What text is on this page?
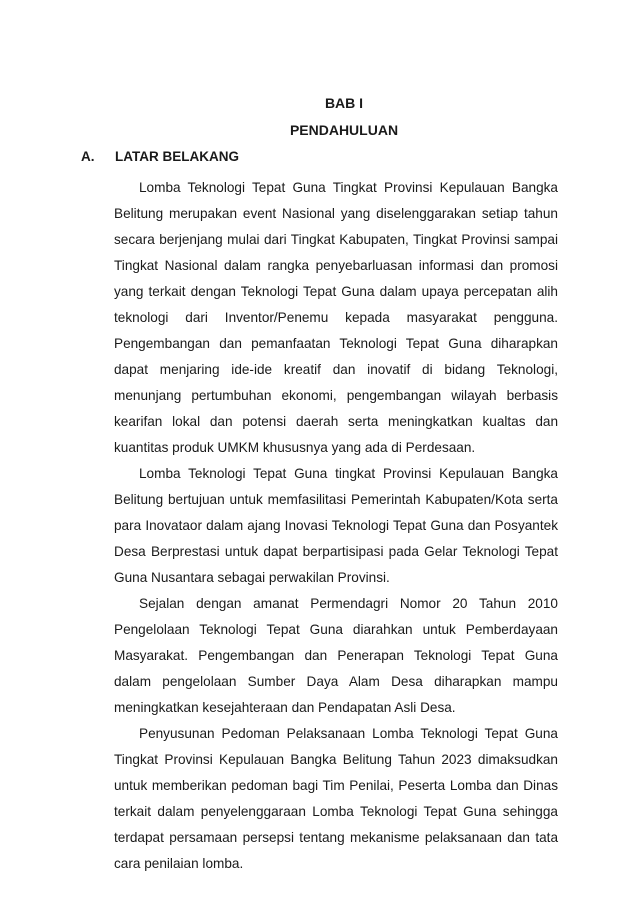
BAB I
PENDAHULUAN
A. LATAR BELAKANG

Lomba Teknologi Tepat Guna Tingkat Provinsi Kepulauan Bangka Belitung merupakan event Nasional yang diselenggarakan setiap tahun secara berjenjang mulai dari Tingkat Kabupaten, Tingkat Provinsi sampai Tingkat Nasional dalam rangka penyebarluasan informasi dan promosi yang terkait dengan Teknologi Tepat Guna dalam upaya percepatan alih teknologi dari Inventor/Penemu kepada masyarakat pengguna. Pengembangan dan pemanfaatan Teknologi Tepat Guna diharapkan dapat menjaring ide-ide kreatif dan inovatif di bidang Teknologi, menunjang pertumbuhan ekonomi, pengembangan wilayah berbasis kearifan lokal dan potensi daerah serta meningkatkan kualtas dan kuantitas produk UMKM khususnya yang ada di Perdesaan.

Lomba Teknologi Tepat Guna tingkat Provinsi Kepulauan Bangka Belitung bertujuan untuk memfasilitasi Pemerintah Kabupaten/Kota serta para Inovataor dalam ajang Inovasi Teknologi Tepat Guna dan Posyantek Desa Berprestasi untuk dapat berpartisipasi pada Gelar Teknologi Tepat Guna Nusantara sebagai perwakilan Provinsi.

Sejalan dengan amanat Permendagri Nomor 20 Tahun 2010 Pengelolaan Teknologi Tepat Guna diarahkan untuk Pemberdayaan Masyarakat. Pengembangan dan Penerapan Teknologi Tepat Guna dalam pengelolaan Sumber Daya Alam Desa diharapkan mampu meningkatkan kesejahteraan dan Pendapatan Asli Desa.

Penyusunan Pedoman Pelaksanaan Lomba Teknologi Tepat Guna Tingkat Provinsi Kepulauan Bangka Belitung Tahun 2023 dimaksudkan untuk memberikan pedoman bagi Tim Penilai, Peserta Lomba dan Dinas terkait dalam penyelenggaraan Lomba Teknologi Tepat Guna sehingga terdapat persamaan persepsi tentang mekanisme pelaksanaan dan tata cara penilaian lomba.
